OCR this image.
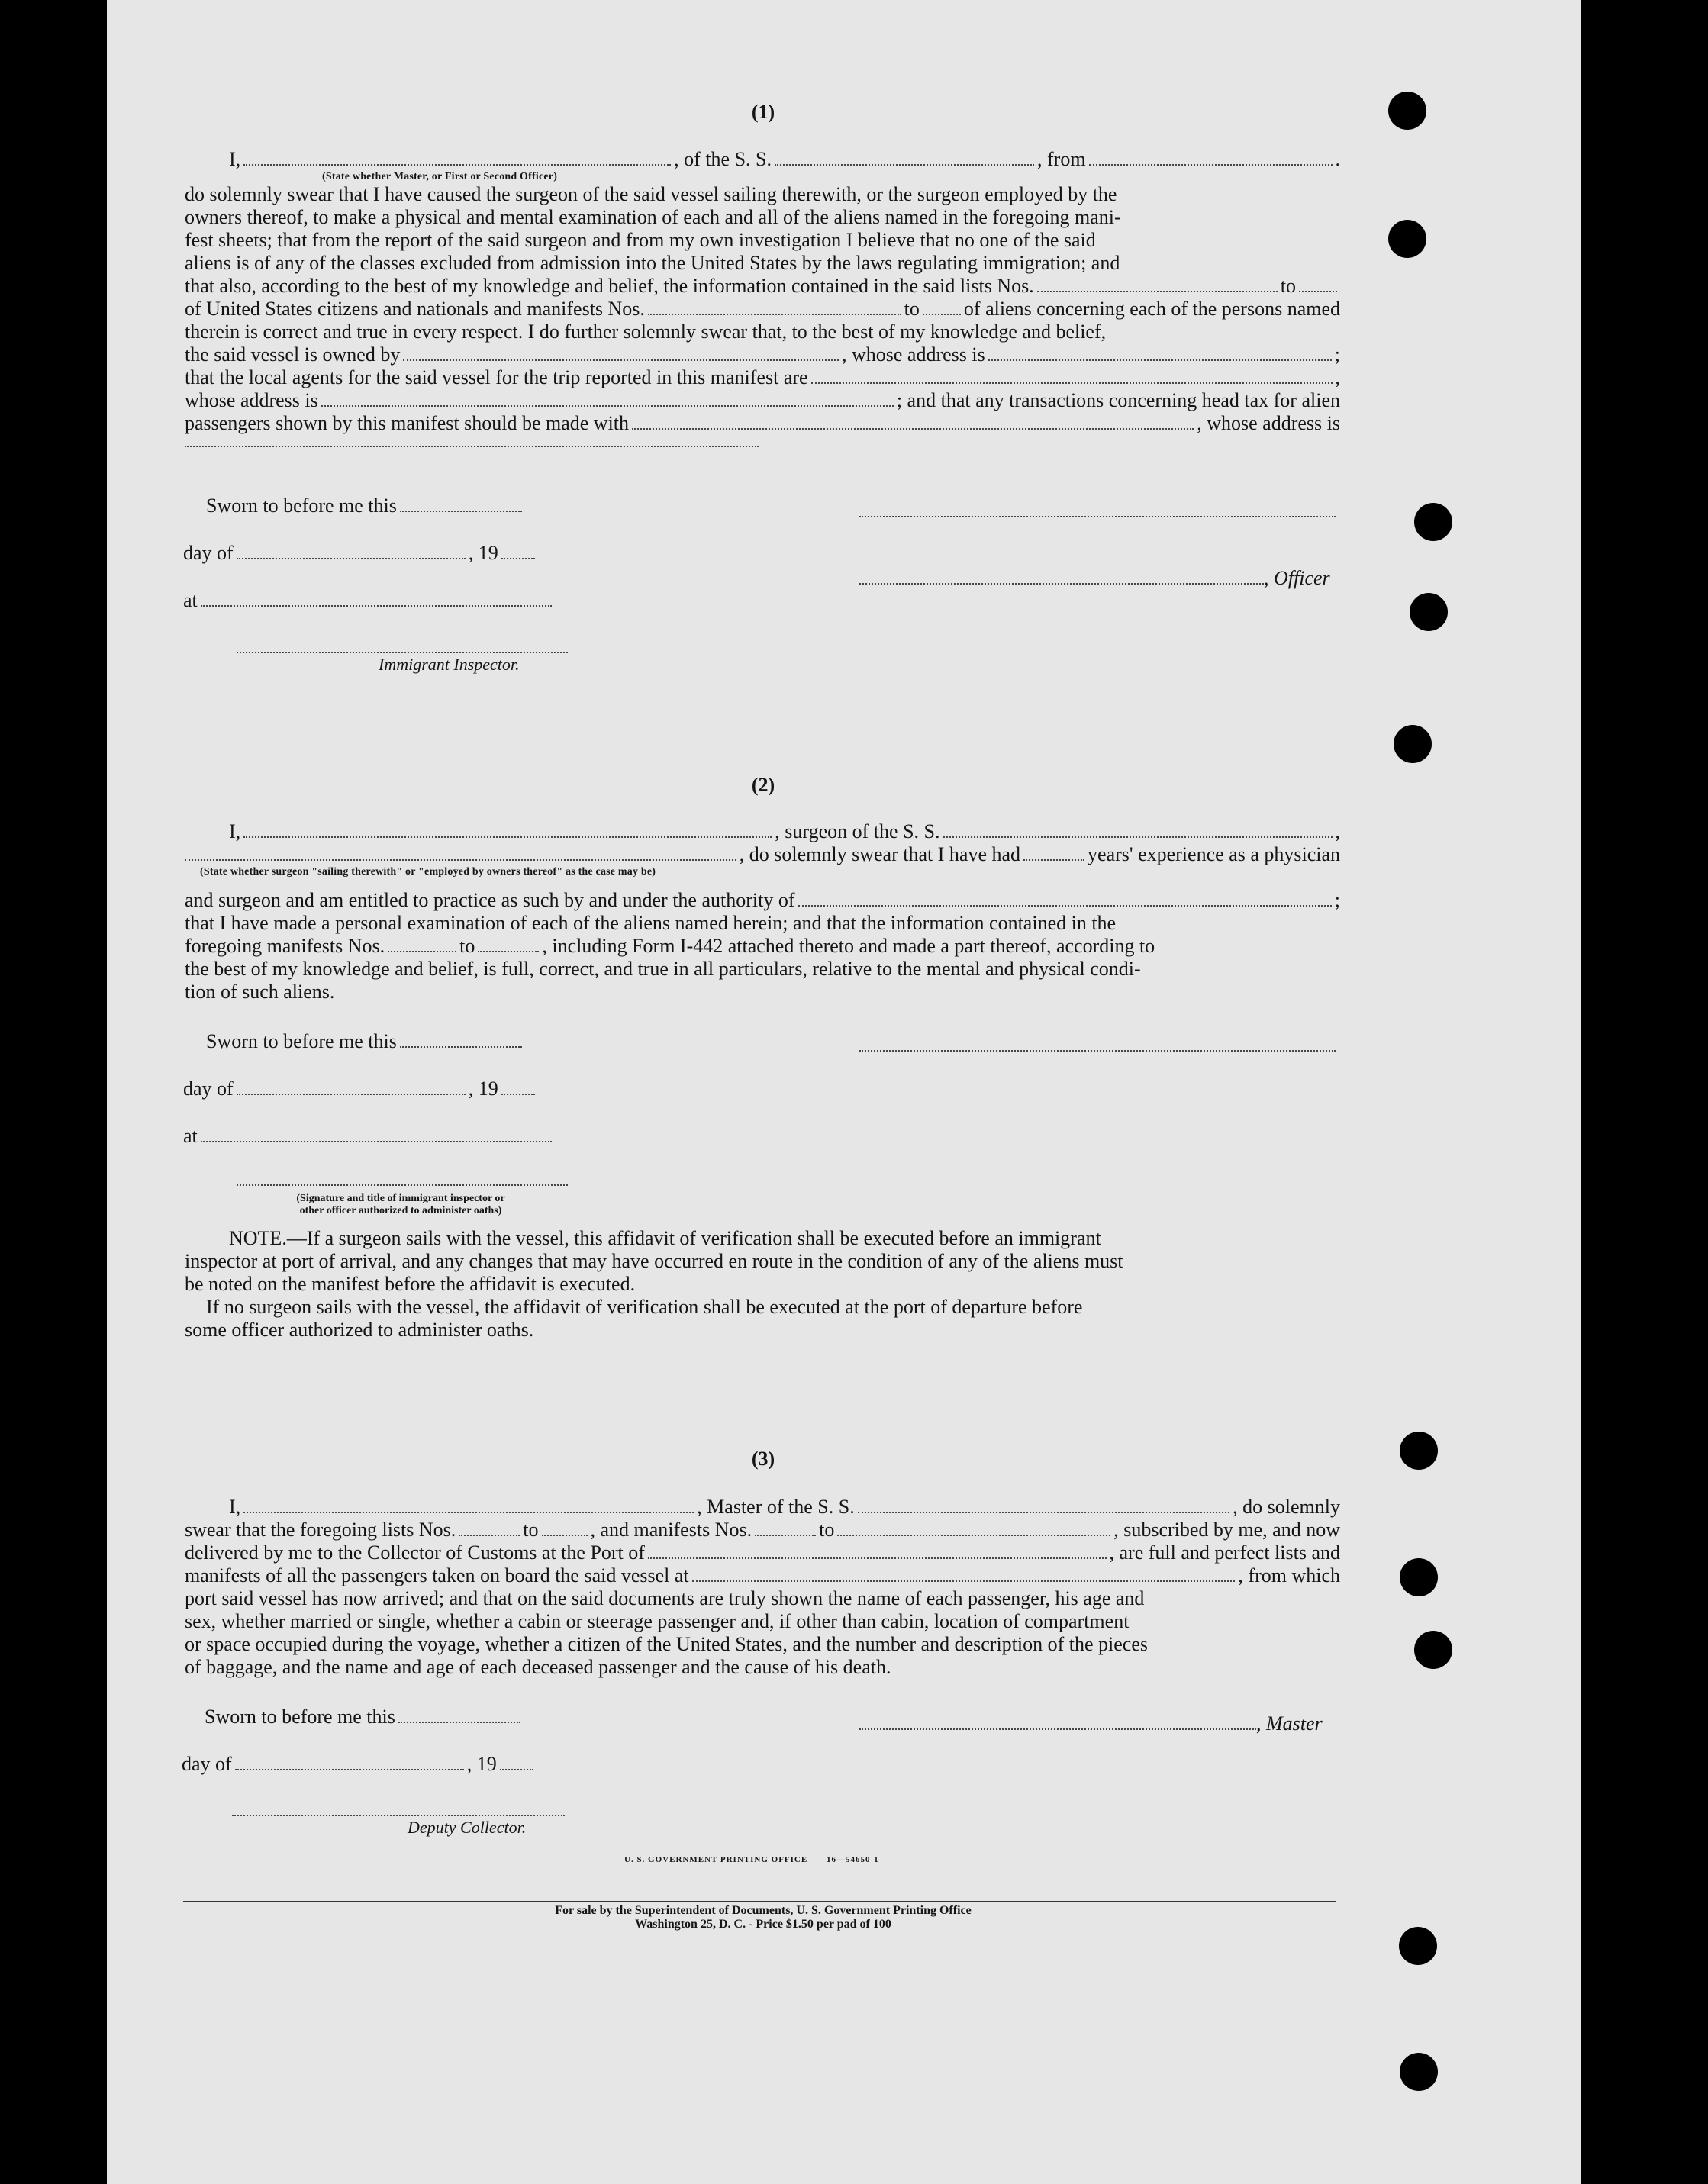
(1)
I,	, of the S. S.	, from	.
(State whether Master, or First or Second Officer)
do solemnly swear that I have caused the surgeon of the said vessel sailing therewith, or the surgeon employed by the
owners thereof, to make a physical and mental examination of each and all of the aliens named in the foregoing mani-
fest sheets; that from the report of the said surgeon and from my own investigation I believe that no one of the said
aliens is of any of the classes excluded from admission into the United States by the laws regulating immigration; and
that also, according to the best of my knowledge and belief, the information contained in the said lists Nos.	to
of United States citizens and nationals and manifests Nos.	to of aliens concerning each of the persons named
therein is correct and true in every respect. I do further solemnly swear that, to the best of my knowledge and belief,
the said vessel is owned by	, whose address is	;
that the local agents for the said vessel for the trip reported in this manifest are	,
whose address is	; and that any transactions concerning head tax for alien
passengers shown by this manifest should be made with	, whose address is
Sworn to before me this
day of	, 19
at
Immigrant Inspector.
, Officer
(2)
I,	, surgeon of the S. S.	,
, do solemnly swear that I have had	years' experience as a physician
(State whether surgeon "sailing therewith" or "employed by owners thereof" as the case may be)
and surgeon and am entitled to practice as such by and under the authority of	;
that I have made a personal examination of each of the aliens named herein; and that the information contained in the
foregoing manifests Nos.	to	, including Form I-442 attached thereto and made a part thereof, according to
the best of my knowledge and belief, is full, correct, and true in all particulars, relative to the mental and physical condi-
tion of such aliens.
Sworn to before me this
day of	, 19
at
(Signature and title of immigrant inspector or
other officer authorized to administer oaths)
NOTE.—If a surgeon sails with the vessel, this affidavit of verification shall be executed before an immigrant
inspector at port of arrival, and any changes that may have occurred en route in the condition of any of the aliens must
be noted on the manifest before the affidavit is executed.
If no surgeon sails with the vessel, the affidavit of verification shall be executed at the port of departure before
some officer authorized to administer oaths.
(3)
I,	, Master of the S. S.	, do solemnly
swear that the foregoing lists Nos.	to	, and manifests Nos.	to	, subscribed by me, and now
delivered by me to the Collector of Customs at the Port of	, are full and perfect lists and
manifests of all the passengers taken on board the said vessel at	, from which
port said vessel has now arrived; and that on the said documents are truly shown the name of each passenger, his age and
sex, whether married or single, whether a cabin or steerage passenger and, if other than cabin, location of compartment
or space occupied during the voyage, whether a citizen of the United States, and the number and description of the pieces
of baggage, and the name and age of each deceased passenger and the cause of his death.
Sworn to before me this
day of	, 19
Deputy Collector.
, Master
U. S. GOVERNMENT PRINTING OFFICE 16—54650-1
For sale by the Superintendent of Documents, U. S. Government Printing Office
Washington 25, D. C. - Price $1.50 per pad of 100
